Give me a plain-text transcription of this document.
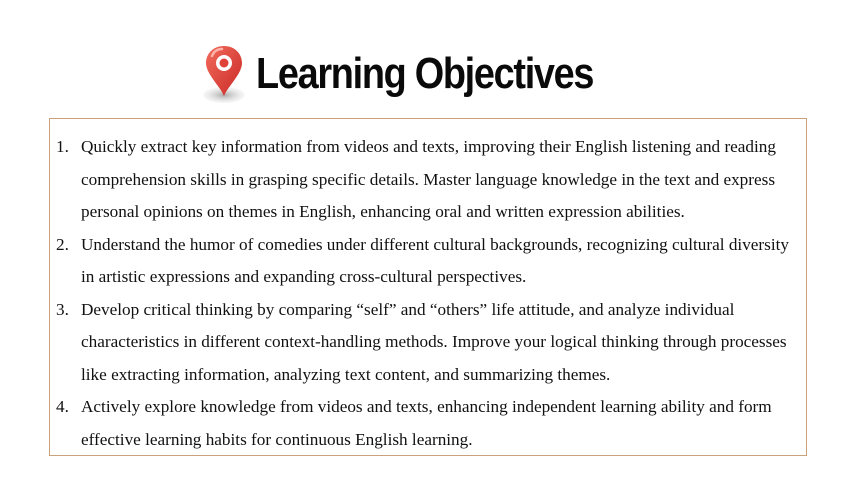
Learning Objectives
1. Quickly extract key information from videos and texts, improving their English listening and reading comprehension skills in grasping specific details. Master language knowledge in the text and express personal opinions on themes in English, enhancing oral and written expression abilities.
2. Understand the humor of comedies under different cultural backgrounds, recognizing cultural diversity in artistic expressions and expanding cross-cultural perspectives.
3. Develop critical thinking by comparing “self” and “others” life attitude, and analyze individual characteristics in different context-handling methods. Improve your logical thinking through processes like extracting information, analyzing text content, and summarizing themes.
4. Actively explore knowledge from videos and texts, enhancing independent learning ability and form effective learning habits for continuous English learning.
